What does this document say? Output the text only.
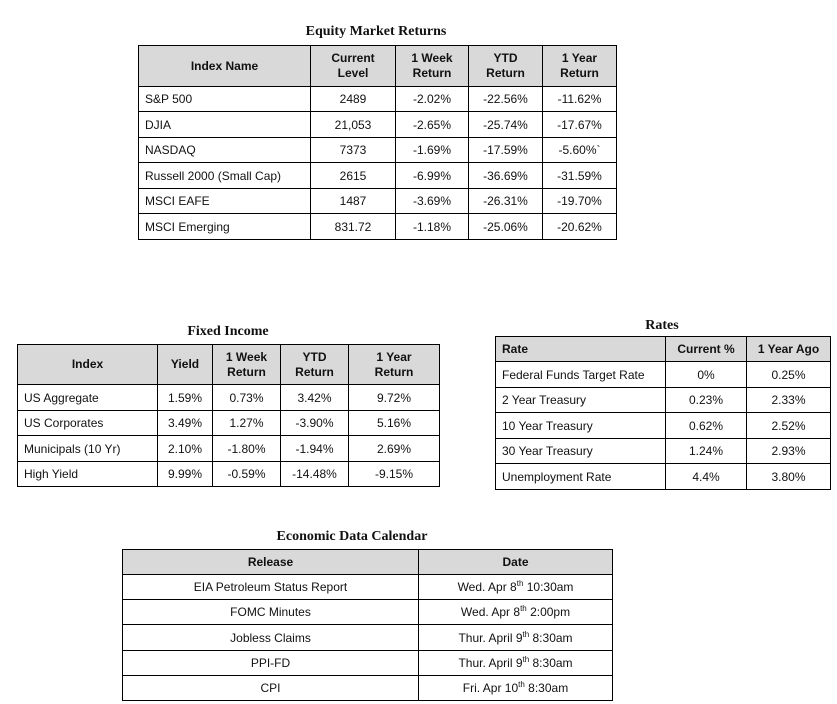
Equity Market Returns
Index Name	Current Level	1 Week Return	YTD Return	1 Year Return
S&P 500	2489	-2.02%	-22.56%	-11.62%
DJIA	21,053	-2.65%	-25.74%	-17.67%
NASDAQ	7373	-1.69%	-17.59%	-5.60%`
Russell 2000 (Small Cap)	2615	-6.99%	-36.69%	-31.59%
MSCI EAFE	1487	-3.69%	-26.31%	-19.70%
MSCI Emerging	831.72	-1.18%	-25.06%	-20.62%
Fixed Income
Index	Yield	1 Week Return	YTD Return	1 Year Return
US Aggregate	1.59%	0.73%	3.42%	9.72%
US Corporates	3.49%	1.27%	-3.90%	5.16%
Municipals (10 Yr)	2.10%	-1.80%	-1.94%	2.69%
High Yield	9.99%	-0.59%	-14.48%	-9.15%
Rates
Rate	Current %	1 Year Ago
Federal Funds Target Rate	0%	0.25%
2 Year Treasury	0.23%	2.33%
10 Year Treasury	0.62%	2.52%
30 Year Treasury	1.24%	2.93%
Unemployment Rate	4.4%	3.80%
Economic Data Calendar
Release	Date
EIA Petroleum Status Report	Wed. Apr 8th 10:30am
FOMC Minutes	Wed. Apr 8th 2:00pm
Jobless Claims	Thur. April 9th 8:30am
PPI-FD	Thur. April 9th 8:30am
CPI	Fri. Apr 10th 8:30am
